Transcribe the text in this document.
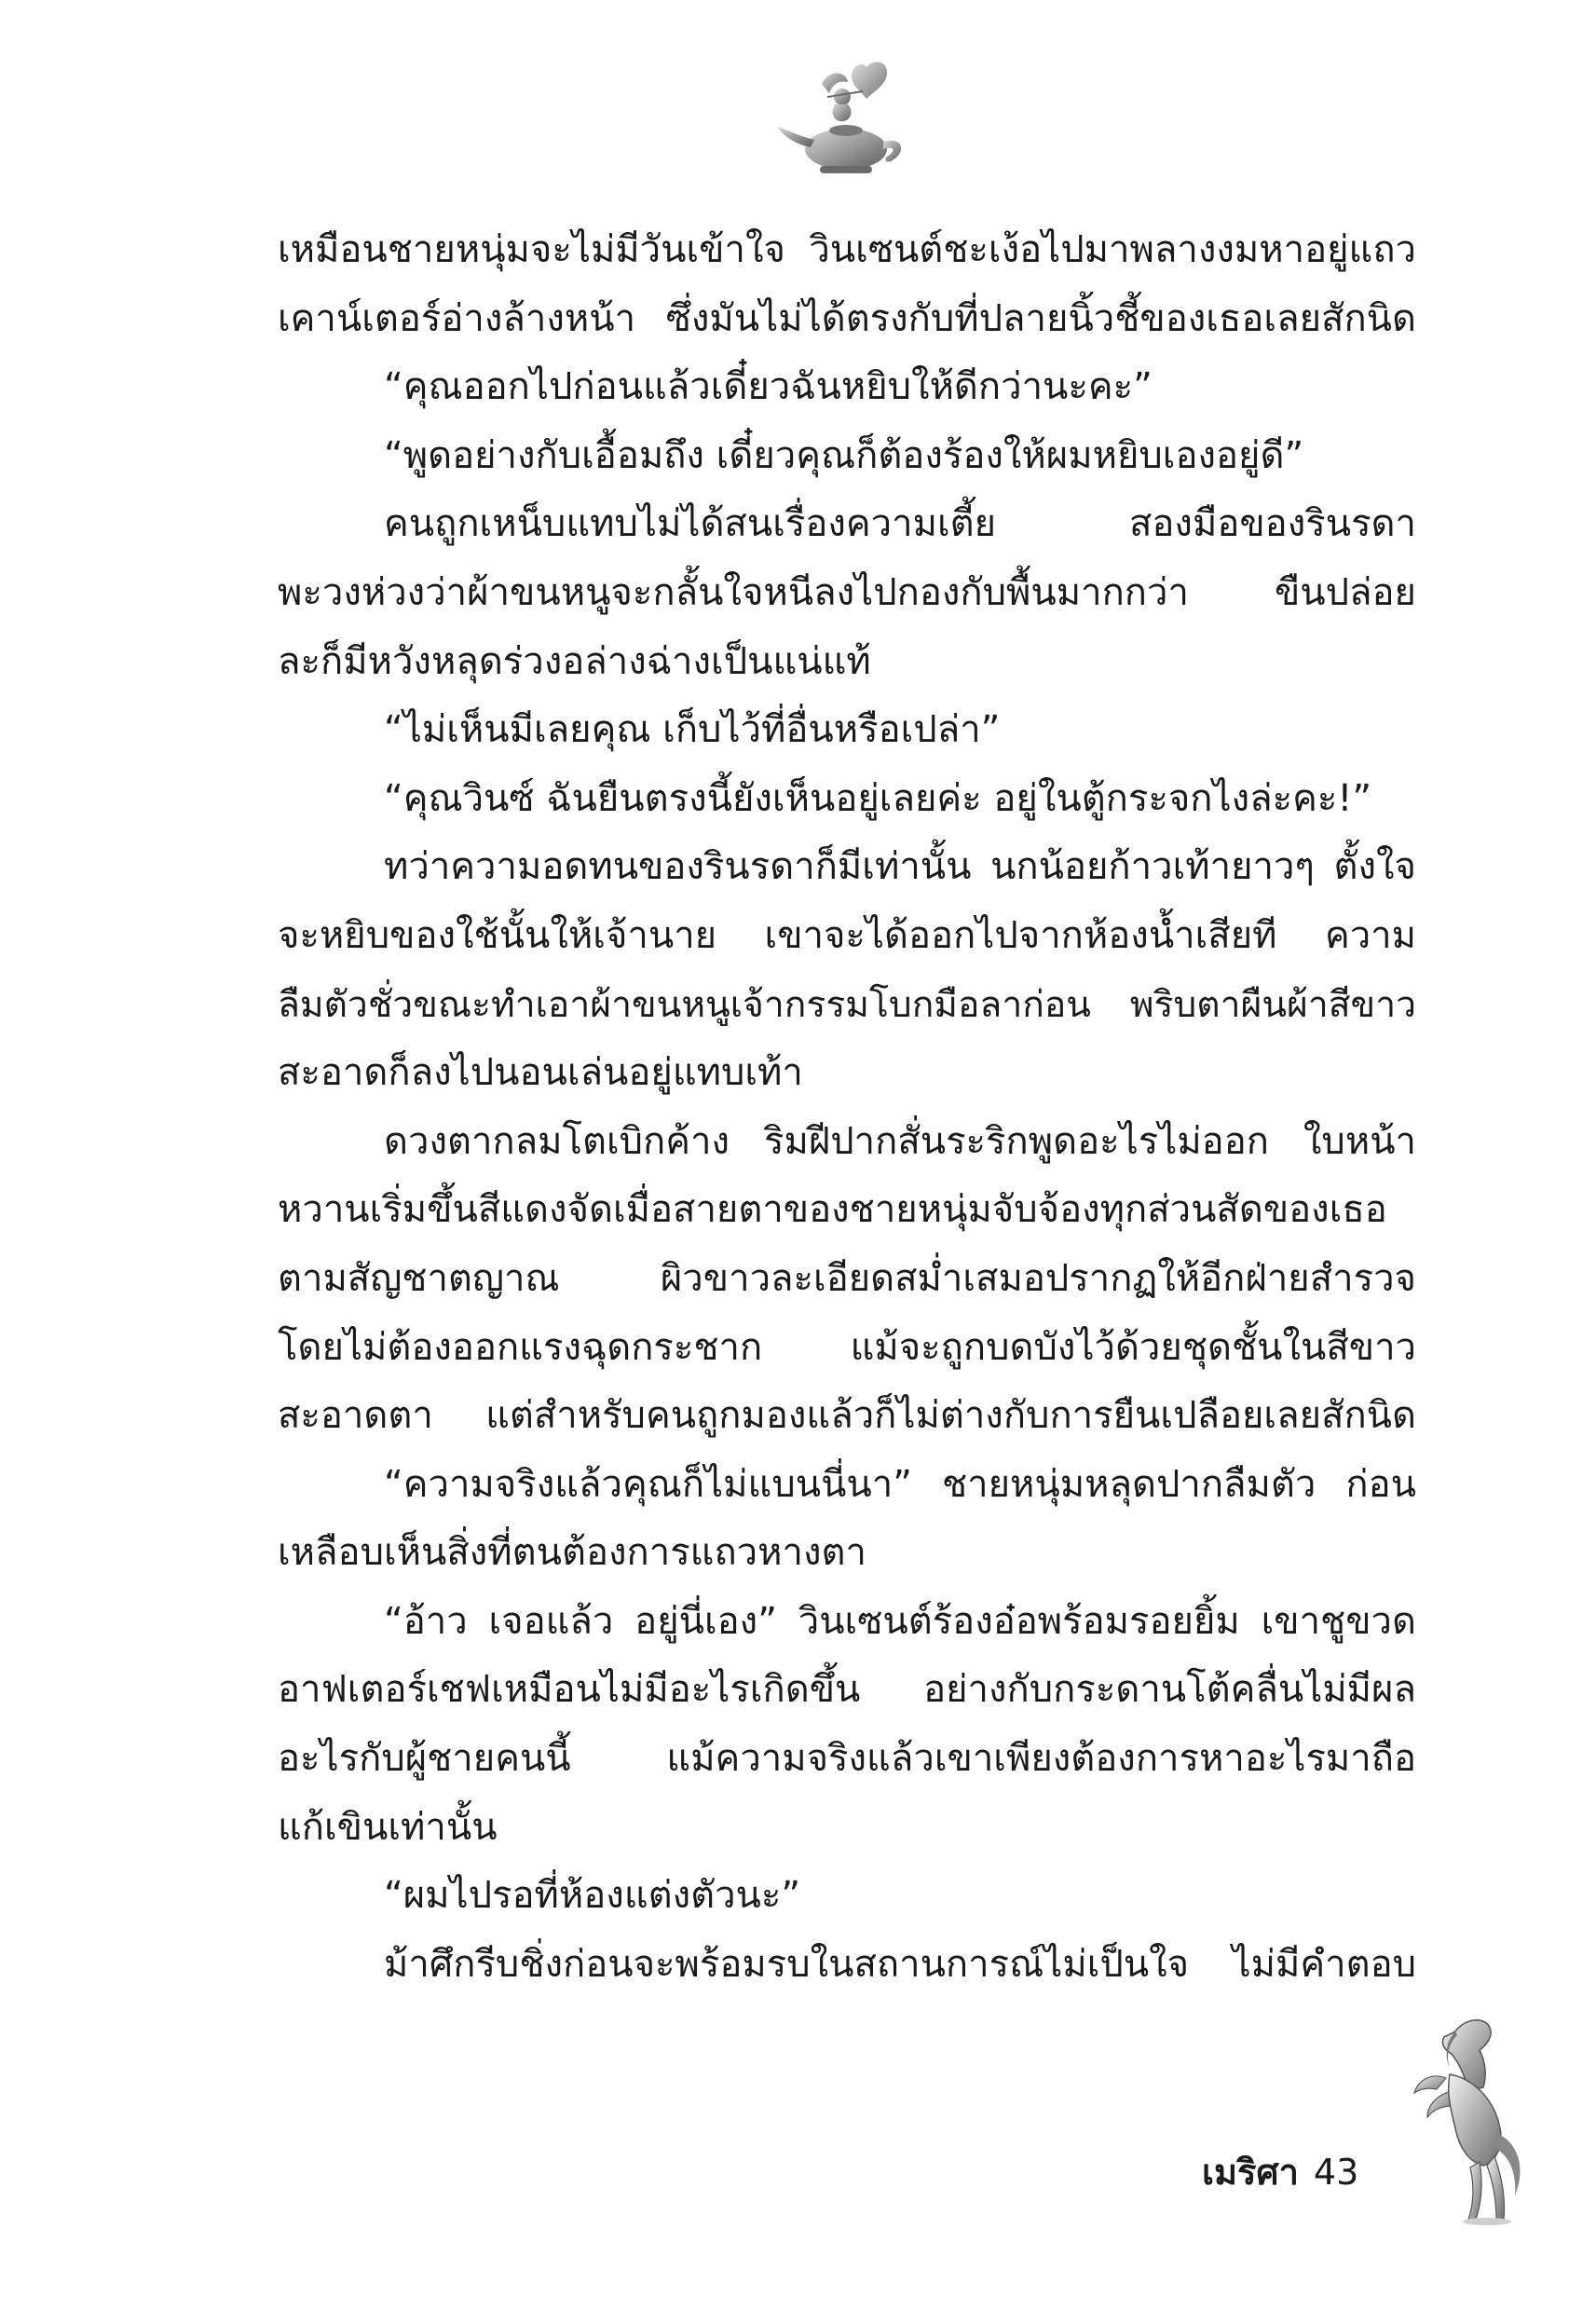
เหมือนชายหนุ่มจะไม่มีวันเข้าใจ วินเซนต์ชะเง้อไปมาพลางงมหาอยู่แถว
เคาน์เตอร์อ่างล้างหน้า ซึ่งมันไม่ได้ตรงกับที่ปลายนิ้วชี้ของเธอเลยสักนิด
“คุณออกไปก่อนแล้วเดี๋ยวฉันหยิบให้ดีกว่านะคะ”
“พูดอย่างกับเอื้อมถึง เดี๋ยวคุณก็ต้องร้องให้ผมหยิบเองอยู่ดี”
คนถูกเหน็บแทบไม่ได้สนเรื่องความเตี้ย สองมือของรินรดา
พะวงห่วงว่าผ้าขนหนูจะกลั้นใจหนีลงไปกองกับพื้นมากกว่า ขืนปล่อย
ละก็มีหวังหลุดร่วงอล่างฉ่างเป็นแน่แท้
“ไม่เห็นมีเลยคุณ เก็บไว้ที่อื่นหรือเปล่า”
“คุณวินซ์ ฉันยืนตรงนี้ยังเห็นอยู่เลยค่ะ อยู่ในตู้กระจกไงล่ะคะ!”
ทว่าความอดทนของรินรดาก็มีเท่านั้น นกน้อยก้าวเท้ายาวๆ ตั้งใจ
จะหยิบของใช้นั้นให้เจ้านาย เขาจะได้ออกไปจากห้องน้ำเสียที ความ
ลืมตัวชั่วขณะทำเอาผ้าขนหนูเจ้ากรรมโบกมือลาก่อน พริบตาผืนผ้าสีขาว
สะอาดก็ลงไปนอนเล่นอยู่แทบเท้า
ดวงตากลมโตเบิกค้าง ริมฝีปากสั่นระริกพูดอะไรไม่ออก ใบหน้า
หวานเริ่มขึ้นสีแดงจัดเมื่อสายตาของชายหนุ่มจับจ้องทุกส่วนสัดของเธอ
ตามสัญชาตญาณ ผิวขาวละเอียดสม่ำเสมอปรากฏให้อีกฝ่ายสำรวจ
โดยไม่ต้องออกแรงฉุดกระชาก แม้จะถูกบดบังไว้ด้วยชุดชั้นในสีขาว
สะอาดตา แต่สำหรับคนถูกมองแล้วก็ไม่ต่างกับการยืนเปลือยเลยสักนิด
“ความจริงแล้วคุณก็ไม่แบนนี่นา” ชายหนุ่มหลุดปากลืมตัว ก่อน
เหลือบเห็นสิ่งที่ตนต้องการแถวหางตา
“อ้าว เจอแล้ว อยู่นี่เอง” วินเซนต์ร้องอ๋อพร้อมรอยยิ้ม เขาชูขวด
อาฟเตอร์เชฟเหมือนไม่มีอะไรเกิดขึ้น อย่างกับกระดานโต้คลื่นไม่มีผล
อะไรกับผู้ชายคนนี้ แม้ความจริงแล้วเขาเพียงต้องการหาอะไรมาถือ
แก้เขินเท่านั้น
“ผมไปรอที่ห้องแต่งตัวนะ”
ม้าศึกรีบชิ่งก่อนจะพร้อมรบในสถานการณ์ไม่เป็นใจ ไม่มีคำตอบ
เมริศา 43
